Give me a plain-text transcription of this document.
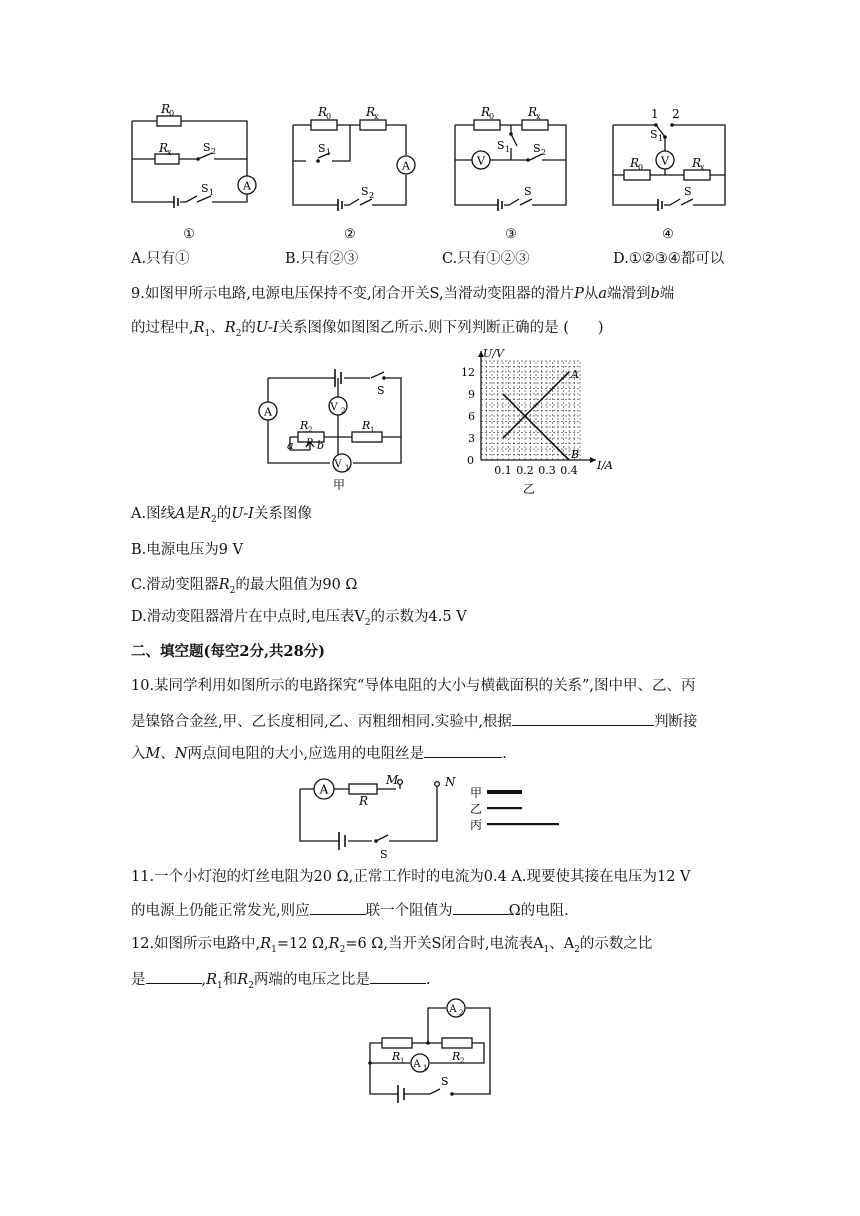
A
R
0
R
x	S 2
S 1
①
A
R
0	R
x
S 1
S 2
②
V
R
0	R
x
S 1 S 2
S
③
V
1 2
S 1
R
0	R
x
S
④
A.只有①	B.只有②③	C.只有①②③	D.①②③④都可以
9.如图甲所示电路,电源电压保持不变,闭合开关S,当滑动变阻器的滑片P从a端滑到b端
的过程中$,R_1$、$R_2$的U-I关系图像如图图乙所示.则下列判断正确的是 (　　)
A	V 2
V 1
S
R 2	R 1
a P b
甲
0.1 0.2 0.3 0.4
3
6
9
12
0	I/A
U/V
A
B
乙
A.图线A是$R_2$的U-I关系图像
B.电源电压为9 V
C.滑动变阻器$R_2$的最大阻值为90 Ω
D.滑动变阻器滑片在中点时,电压表$V_2$的示数为4.5 V
二、填空题(每空2分,共28分)
10.某同学利用如图所示的电路探究“导体电阻的大小与横截面积的关系”,图中甲、乙、丙
是镍铬合金丝,甲、乙长度相同,乙、丙粗细相同.实验中,根据	判断接
入M、N两点间电阻的大小,应选用的电阻丝是	.
A
R
M	N
S
甲
乙
丙
11.一个小灯泡的灯丝电阻为20 Ω,正常工作时的电流为0.4 A.现要使其接在电压为12 V
的电源上仍能正常发光,则应	联一个阻值为	Ω的电阻.
12.如图所示电路中$,R_1=12$ $\Omega,R_2=6$ Ω,当开关S闭合时,电流表$A_1$、$A_2$的示数之比
是	$,R_1$和$R_2$两端的电压之比是	.
A 2
A 1
R 1	R 2
S
